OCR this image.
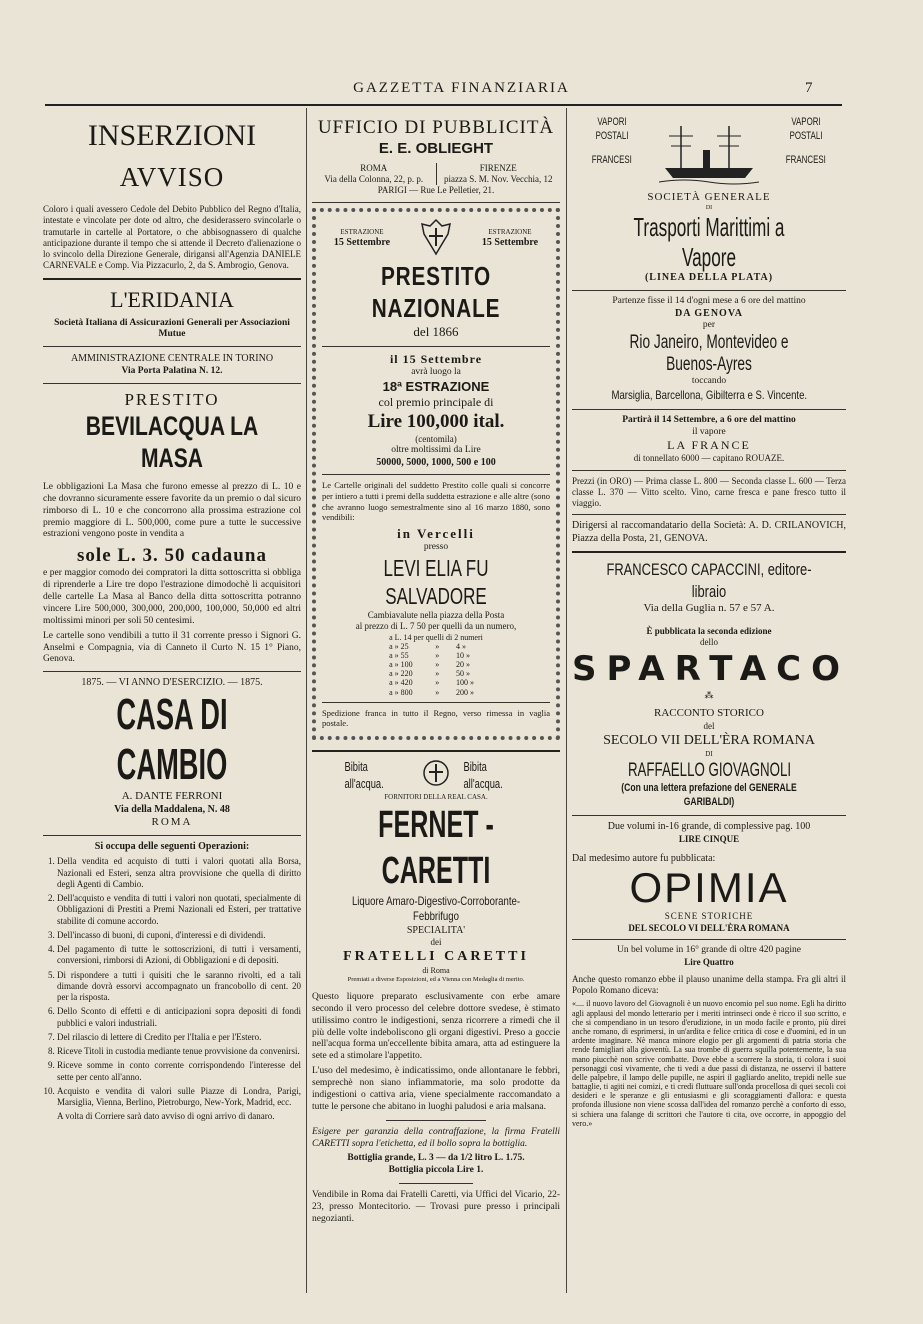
GAZZETTA FINANZIARIA	7
INSERZIONI
AVVISO

Coloro i quali avessero Cedole del Debito Pubblico del Regno d'Italia, intestate e vincolate per dote od altro, che desiderassero svincolarle o tramutarle in cartelle al Portatore, o che abbisognassero di qualche anticipazione durante il tempo che si attende il Decreto d'alienazione o lo svincolo della Direzione Generale, dirigansi all'Agenzia DANIELE CARNEVALE e Comp. Via Pizzacurlo, 2, da S. Ambrogio, Genova.

L'ERIDANIA
Società Italiana di Assicurazioni Generali per Associazioni Mutue
AMMINISTRAZIONE CENTRALE IN TORINO
Via Porta Palatina N. 12.
PRESTITO
BEVILACQUA LA MASA

Le obbligazioni La Masa che furono emesse al prezzo di L. 10 e che dovranno sicuramente essere favorite da un premio o dal sicuro rimborso di L. 10 e che concorrono alla prossima estrazione col premio maggiore di L. 500,000, come pure a tutte le successive estrazioni vengono poste in vendita a

sole L. 3. 50 cadauna

e per maggior comodo dei compratori la ditta sottoscritta si obbliga di riprenderle a Lire tre dopo l'estrazione dimodochè li acquisitori delle cartelle La Masa al Banco della ditta sottoscritta potranno vincere Lire 500,000, 300,000, 200,000, 100,000, 50,000 ed altri moltissimi minori per soli 50 centesimi.

Le cartelle sono vendibili a tutto il 31 corrente presso i Signori G. Anselmi e Compagnia, via di Canneto il Curto N. 15 1° Piano, Genova.

1875. — VI ANNO D'ESERCIZIO. — 1875.
CASA DI CAMBIO
A. DANTE FERRONI
Via della Maddalena, N. 48
ROMA
Si occupa delle seguenti Operazioni:
1. Della vendita ed acquisto di tutti i valori quotati alla Borsa, Nazionali ed Esteri, senza altra provvisione che quella di diritto degli Agenti di Cambio.
2. Dell'acquisto e vendita di tutti i valori non quotati, specialmente di Obbligazioni di Prestiti a Premi Nazionali ed Esteri, per trattative stabilite di comune accordo.
3. Dell'incasso di buoni, di cuponi, d'interessi e di dividendi.
4. Del pagamento di tutte le sottoscrizioni, di tutti i versamenti, conversioni, rimborsi di Azioni, di Obbligazioni e di depositi.
5. Di rispondere a tutti i quisiti che le saranno rivolti, ed a tali dimande dovrà essorvi accompagnato un francobollo di cent. 20 per la risposta.
6. Dello Sconto di effetti e di anticipazioni sopra depositi di fondi pubblici e valori industriali.
7. Del rilascio di lettere di Credito per l'Italia e per l'Estero.
8. Riceve Titoli in custodia mediante tenue provvisione da convenirsi.
9. Riceve somme in conto corrente corrispondendo l'interesse del sette per cento all'anno.
10. Acquisto e vendita di valori sulle Piazze di Londra, Parigi, Marsiglia, Vienna, Berlino, Pietroburgo, New-York, Madrid, ecc.

A volta di Corriere sarà dato avviso di ogni arrivo di danaro.

UFFICIO DI PUBBLICITÀ
E. E. OBLIEGHT
ROMA
Via della Colonna, 22, p. p.
FIRENZE
piazza S. M. Nov. Vecchia, 12
PARIGI — Rue Le Pelletier, 21.
ESTRAZIONE
15 Settembre
ESTRAZIONE
15 Settembre
PRESTITO NAZIONALE
del 1866
il 15 Settembre
avrà luogo la
18ª ESTRAZIONE
col premio principale di
Lire 100,000 ital.
(centomila)
oltre moltissimi da Lire
50000, 5000, 1000, 500 e 100

Le Cartelle originali del suddetto Prestito colle quali si concorre per intiero a tutti i premi della suddetta estrazione e alle altre (sono che avranno luogo semestralmente sino al 16 marzo 1880, sono vendibili:

in Vercelli
presso
LEVI ELIA FU SALVADORE
Cambiavalute nella piazza della Posta
al prezzo di L. 7 50 per quelli da un numero,
a L. 14 per quelli di 2 numeri		
a » 25	»	4 »
a » 55	»	10 »
a » 100	»	20 »
a » 220	»	50 »
a » 420	»	100 »
a » 800	»	200 »

Spedizione franca in tutto il Regno, verso rimessa in vaglia postale.

Bibita all'acqua.
Bibita all'acqua.
FORNITORI DELLA REAL CASA.
FERNET - CARETTI
Liquore Amaro-Digestivo-Corroborante-Febbrifugo
SPECIALITA'
dei
FRATELLI CARETTI
di Roma
Premiati a diverse Esposizioni, ed a Vienna con Medaglia di merito.

Questo liquore preparato esclusivamente con erbe amare secondo il vero processo del celebre dottore svedese, è stimato utilissimo contro le indigestioni, senza ricorrere a rimedi che il più delle volte indeboliscono gli organi digestivi. Preso a goccie nell'acqua forma un'eccellente bibita amara, atta ad estinguere la sete ed a stimolare l'appetito.

L'uso del medesimo, è indicatissimo, onde allontanare le febbri, semprechè non siano infiammatorie, ma solo prodotte da indigestioni o cattiva aria, viene specialmente raccomandato a tutte le persone che abitano in luoghi paludosi e aria malsana.

Esigere per garanzia della contraffazione, la firma Fratelli CARETTI sopra l'etichetta, ed il bollo sopra la bottiglia.

Bottiglia grande, L. 3 — da 1/2 litro L. 1.75.
Bottiglia piccola Lire 1.

Vendibile in Roma dai Fratelli Caretti, via Uffici del Vicario, 22-23, presso Montecitorio. — Trovasi pure presso i principali negozianti.

VAPORI POSTALI FRANCESI
VAPORI POSTALI FRANCESI
SOCIETÀ GENERALE
DI
Trasporti Marittimi a Vapore
(LINEA DELLA PLATA)
Partenze fisse il 14 d'ogni mese a 6 ore del mattino
DA GENOVA
per
Rio Janeiro, Montevideo e Buenos-Ayres
toccando
Marsiglia, Barcellona, Gibilterra e S. Vincente.
Partirà il 14 Settembre, a 6 ore del mattino
il vapore
LA FRANCE
di tonnellato 6000 — capitano ROUAZE.

Prezzi (in ORO) — Prima classe L. 800 — Seconda classe L. 600 — Terza classe L. 370 — Vitto scelto. Vino, carne fresca e pane fresco tutto il viaggio.

Dirigersi al raccomandatario della Società: A. D. CRILANOVICH, Piazza della Posta, 21, GENOVA.

FRANCESCO CAPACCINI, editore-libraio
Via della Guglia n. 57 e 57 A.
È pubblicata la seconda edizione
dello
SPARTACO
⁂
RACCONTO STORICO
del
SECOLO VII DELL'ÈRA ROMANA
DI
RAFFAELLO GIOVAGNOLI
(Con una lettera prefazione del GENERALE GARIBALDI)
Due volumi in-16 grande, di complessive pag. 100
LIRE CINQUE
Dal medesimo autore fu pubblicata:
OPIMIA
SCENE STORICHE
DEL SECOLO VI DELL'ÈRA ROMANA
Un bel volume in 16° grande di oltre 420 pagine
Lire Quattro

Anche questo romanzo ebbe il plauso unanime della stampa. Fra gli altri il Popolo Romano diceva:

«.... il nuovo lavoro del Giovagnoli è un nuovo encomio pel suo nome. Egli ha diritto agli applausi del mondo letterario per i meriti intrinseci onde è ricco il suo scritto, e che si compendiano in un tesoro d'erudizione, in un modo facile e pronto, più direi anche romano, di esprimersi, in un'ardita e felice critica di cose e d'uomini, ed in un ardente imaginare. Nè manca minore elogio per gli argomenti di patria storia che rende famigliari alla gioventù. La sua trombe di guerra squilla potentemente, la sua mano piucchè non scrive combatte. Dove ebbe a scorrere la storia, ti colora i suoi personaggi così vivamente, che ti vedi a due passi di distanza, ne osservi il battere delle palpebre, il lampo delle pupille, ne aspiri il gagliardo anelito, trepidi nelle sue battaglie, ti agiti nei comizi, e ti credi fluttuare sull'onda procellosa di quei secoli coi desideri e le speranze e gli entusiasmi e gli scoraggiamenti d'allora: e questa profonda illusione non viene scossa dall'idea del romanzo perchè a conforto di esso, si schiera una falange di scrittori che l'autore ti cita, ove occorre, in appoggio del vero.»
